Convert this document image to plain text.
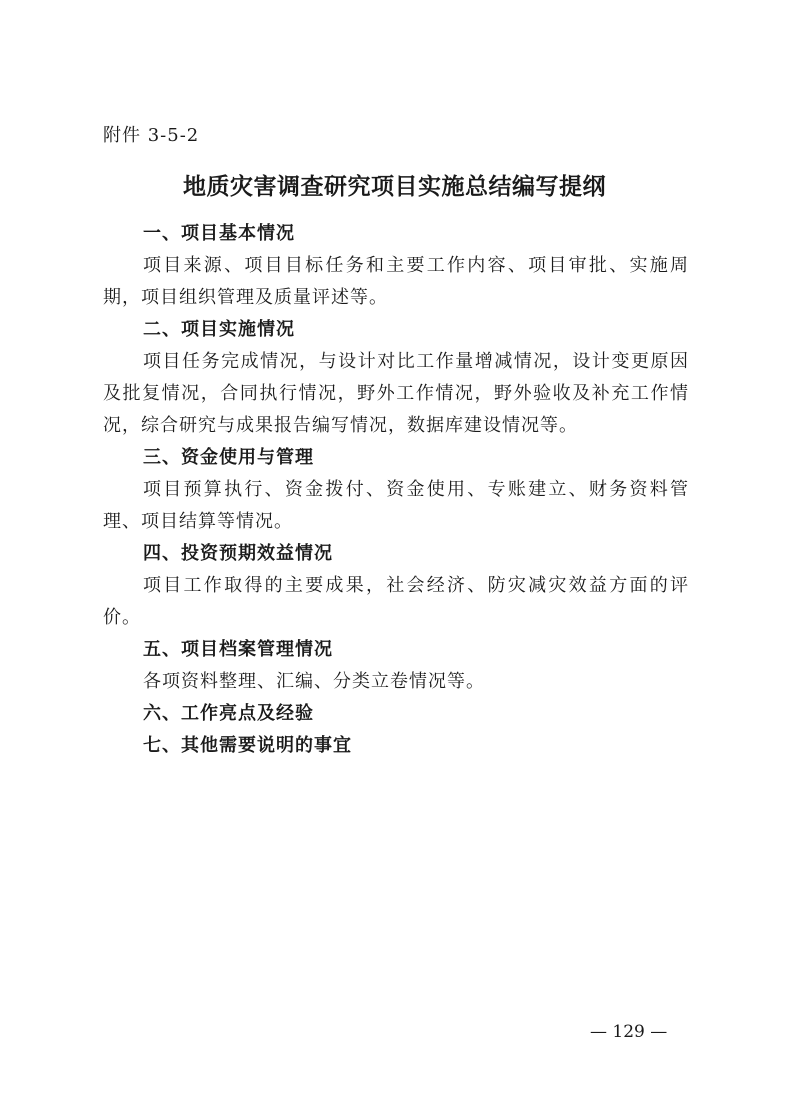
附件 3-5-2
地质灾害调查研究项目实施总结编写提纲

一、项目基本情况

项目来源、项目目标任务和主要工作内容、项目审批、实施周期，项目组织管理及质量评述等。

二、项目实施情况

项目任务完成情况，与设计对比工作量增减情况，设计变更原因及批复情况，合同执行情况，野外工作情况，野外验收及补充工作情况，综合研究与成果报告编写情况，数据库建设情况等。

三、资金使用与管理

项目预算执行、资金拨付、资金使用、专账建立、财务资料管理、项目结算等情况。

四、投资预期效益情况

项目工作取得的主要成果，社会经济、防灾减灾效益方面的评价。

五、项目档案管理情况

各项资料整理、汇编、分类立卷情况等。

六、工作亮点及经验

七、其他需要说明的事宜

— 129 —
